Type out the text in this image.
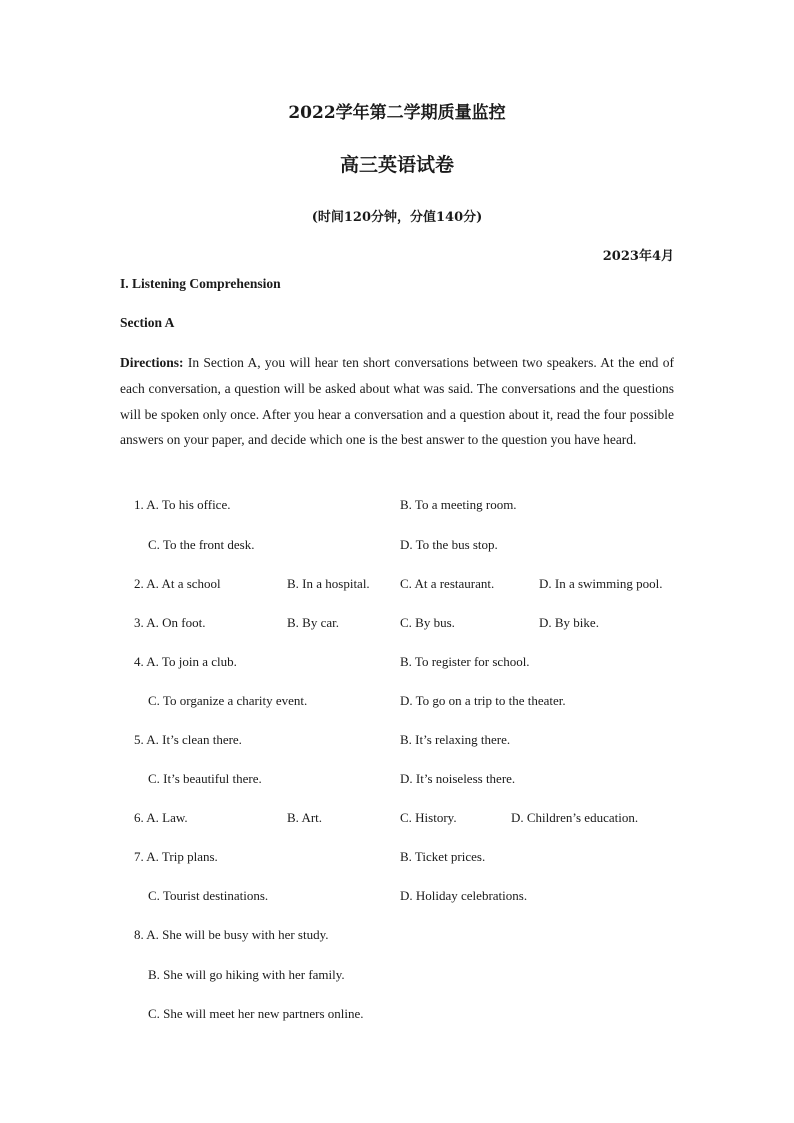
2022学年第二学期质量监控
高三英语试卷
(时间120分钟，分值140分)
2023年4月
I. Listening Comprehension
Section A
Directions: In Section A, you will hear ten short conversations between two speakers. At the end of each conversation, a question will be asked about what was said. The conversations and the questions will be spoken only once. After you hear a conversation and a question about it, read the four possible answers on your paper, and decide which one is the best answer to the question you have heard.
1. A. To his office.	B. To a meeting room.
C. To the front desk.	D. To the bus stop.
2. A. At a school	B. In a hospital. C. At a restaurant.	D. In a swimming pool.
3. A. On foot.	B. By car.	C. By bus.	D. By bike.
4. A. To join a club.	B. To register for school.
C. To organize a charity event.	D. To go on a trip to the theater.
5. A. It’s clean there.	B. It’s relaxing there.
C. It’s beautiful there.	D. It’s noiseless there.
6. A. Law.	B. Art.	C. History.	D. Children’s education.
7. A. Trip plans.	B. Ticket prices.
C. Tourist destinations.	D. Holiday celebrations.
8. A. She will be busy with her study.
B. She will go hiking with her family.
C. She will meet her new partners online.
